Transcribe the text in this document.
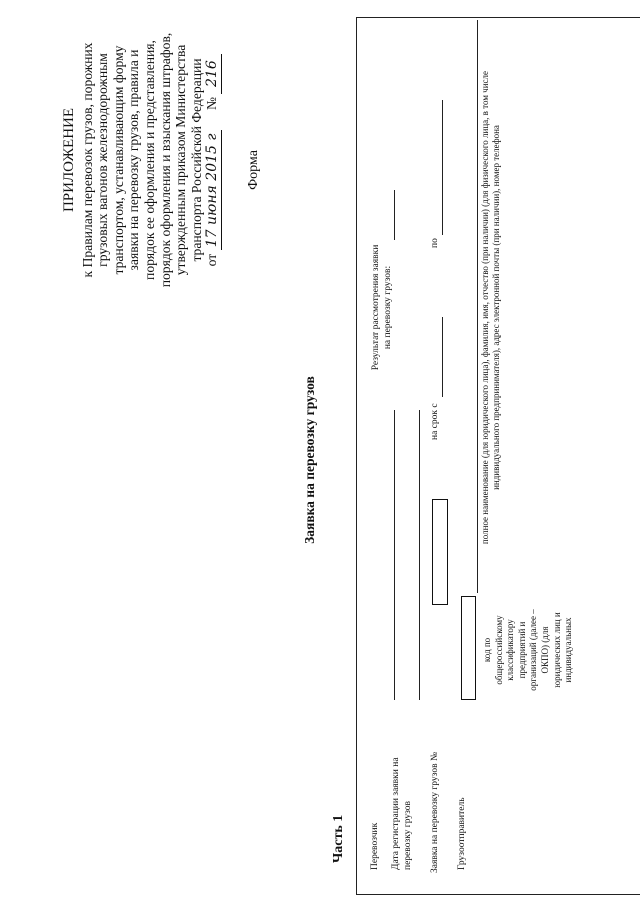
ПРИЛОЖЕНИЕ к Правилам перевозок грузов, порожних грузовых вагонов железнодорожным транспортом, устанавливающим форму заявки на перевозку грузов, правила и порядок ее оформления и представления, порядок оформления и взыскания штрафов, утвержденным приказом Министерства транспорта Российской Федерации от 17 июня 2015 г      № 216
Форма
Заявка на перевозку грузов
Часть 1	Перевозчик
Результат рассмотрения заявки на перевозку грузов:
Дата регистрации заявки на перевозку грузов Заявка на перевозку грузов №
на срок с
по
Грузоотправитель
код по общероссийскому классификатору предприятий и организаций (далее – ОКПО) (для юридических лиц и индивидуальных
полное наименование (для юридического лица), фамилия, имя, отчество (при наличии) (для физического лица, в том числе индивидуального предпринимателя), адрес электронной почты (при наличии), номер телефона
